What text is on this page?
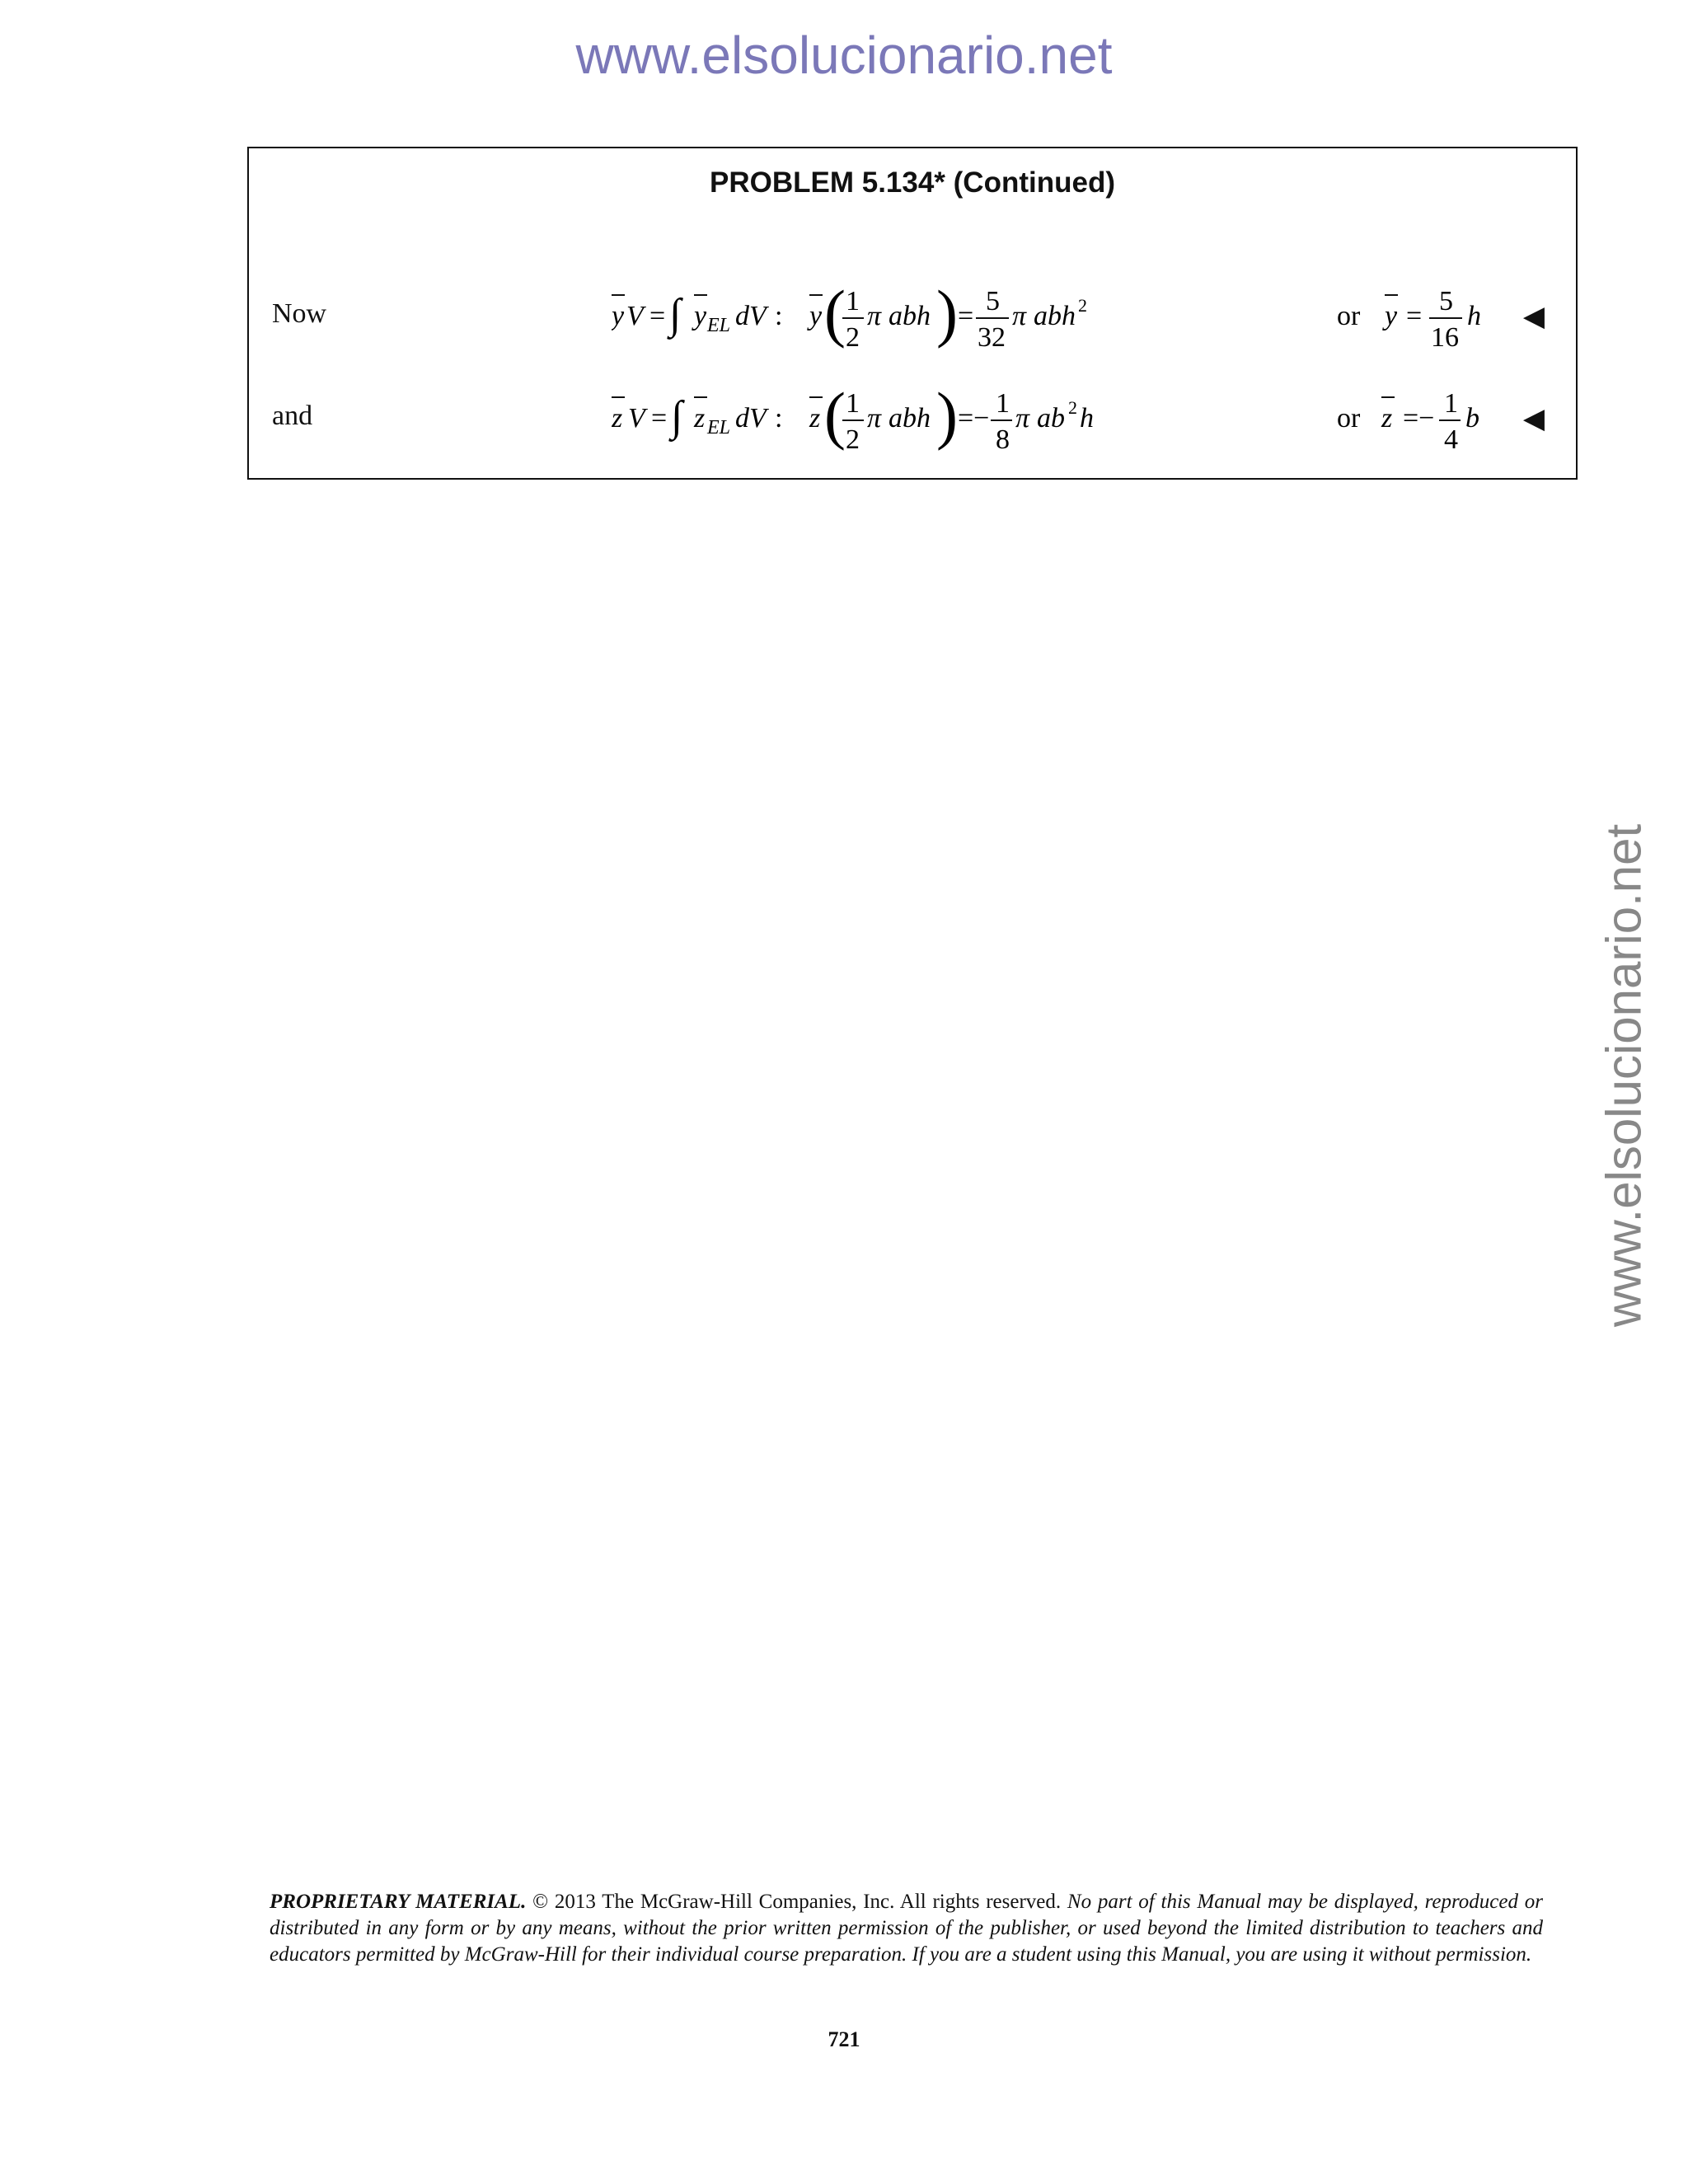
www.elsolucionario.net
www.elsolucionario.net
PROBLEM 5.134* (Continued)
Now	y V = ∫ y EL dV : y ( 1
2
π abh ) = 5
32
π abh 2	or y = 5
16
h ◀
and	z V = ∫ z EL dV : z ( 1
2
π abh ) =− 1
8
π ab 2 h	or z =− 1
4
b ◀
PROPRIETARY MATERIAL. © 2013 The McGraw-Hill Companies, Inc. All rights reserved. No part of this Manual may be displayed, reproduced or distributed in any form or by any means, without the prior written permission of the publisher, or used beyond the limited distribution to teachers and educators permitted by McGraw-Hill for their individual course preparation. If you are a student using this Manual, you are using it without permission.
721
